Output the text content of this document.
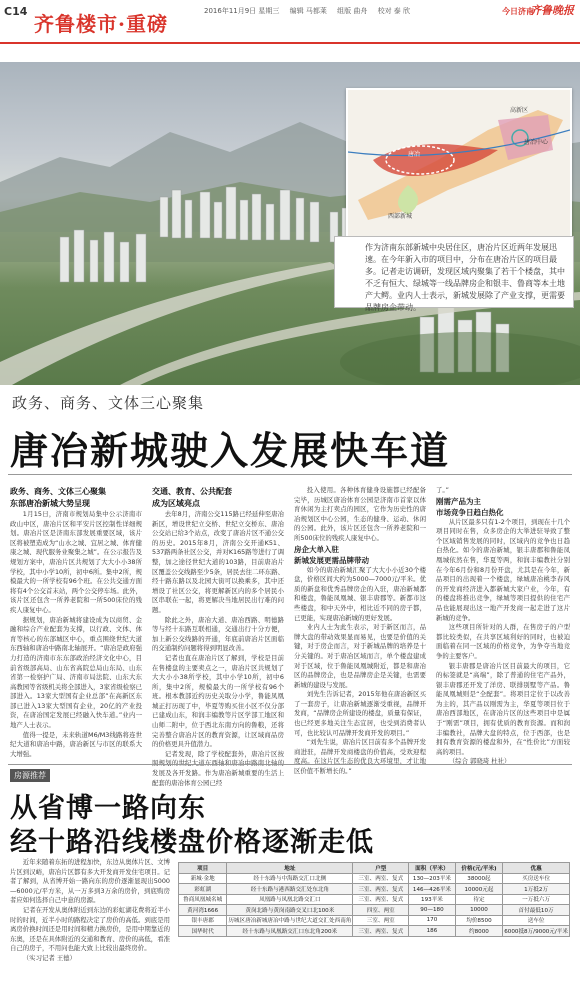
C14
齐鲁楼市·重磅
2016年11月9日 星期三 编辑 马都莱 组版 曲舟 校对 泰 欣	今日济南
齐鲁晚报
唐冶
高新区
唐冶中心
西部新城
作为济南东部新城中央居住区，唐冶片区近两年发展迅速。在今年新入市的项目中，分布在唐冶片区的项目最多。记者走访调研，发现区域内聚集了若干个楼盘，其中不乏有恒大、绿城等一线品牌房企和银丰、鲁商等本土地产大鳄。业内人士表示，新城发展除了产业支撑，更需要品牌房企带动。
政务、商务、文体三心聚集
唐冶新城驶入发展快车道

政务、商务、文体三心聚集

东部唐冶新城大势呈现

1月15日，济南市规划局集中公示济南市政山中区，唐冶片区和平安片区控制性详细规划。唐冶片区是济南东部发展重要区域，该片区将被塑造成为“山水之城、宜居之城、体育健康之城、现代服务业聚集之城”。在公示报告及规划方案中，唐冶片区共规划了大大小小38所学校，其中小学10所，初中6所。集中2所，规模最大的一所学校有96个班。在公共交通方面将有4个公交首末站，两个公交停车场。此外，该片区还包含一所养老院和一所500床位的残疾人康复中心。

据规划，唐冶新城将建设成为以商贸、金融和综合产业配套为支撑，以行政、文体、体育等核心的东部城区中心，重点围绕世纪大道东西轴和唐冶中路南北轴展开。“唐冶是政府强力打造的济南市东东部政治经济文化中心，目前省级部高局、山东省高院总局山东局、山东省第一检察护广局、济南市局法院、山东大东高教园等省级机关将全部进入，3家省级检察已部进入。13家大型国有企业总部”在高新区东部已进入13家大型国有企业，20亿的产业投资，在唐冶国定发展已经融入快车道。”业内一地产人士表示。

值得一提是，未来轨道M6/M3线路将连世纪大道和唐冶中路，唐冶新区与市区的联系大大增强。

交通、教育、公共配套

成为区域亮点

去年8月，济南公交115路已经延伸至唐冶新区，增设世纪立交桥、世纪立交桥东、唐冶公交站已给3个站点，改变了唐冶片区不通公交的历史。2015年8月，济南公交开通K51、537路两条社区公交，并对K165路等进行了调整，加之途径世纪大道的103路，目前唐冶片区覆盖公交线路至少5条，居民去往二环东路、经十路东路以及北园大街可以换乘多，其中还增设了社区公交，将更解新区内的多个居民小区串联在一起，将更解决当地居民出行难的问题。

除此之外，唐冶大道、唐冶西路、明德路等与经十东路互联相通，交通出行十分方便，加上新公交线路的开通，年底前唐冶片区面临的交通制约问题将得到明显改善。

记者也直在唐冶片区了解到，学校是目前在售楼盘的主要卖点之一，唐冶片区共规划了大大小小38所学校，其中小学10所，初中6所，集中2所，规模最大的一所学校有96个班。根本教部近约历史关取分小学，鲁能凤凰城正打历现了中，毕夏等购买住小区不仅分部已建成山东，和润丰编教等片区学部工地区和山师二附中，位于西北东南方向的鲁粮，还将完善整合唐冶片区的教育资源，让区域商品房的价格更具升值潜力。

记者发现，除了学校配套外，唐冶片区按照规划的世纪大道东西轴和唐冶中路南北轴的发展及各开发路。作为唐冶新城重要的生活上配套的唐冶体育公园已经

投入使用。各种体育健身设施都已经配备完毕，历城区唐冶体育公园是济南市首家以体育休闲为主打卖点的园区，它作为历史性的唐冶规划区中心公园，生态的健身、运动、休闲的公园。此外，该片区还包含一所养老院和一所500床位的残疾人康复中心。

房企大单入驻

新城发展更需品牌带动

如今的唐冶新城汇聚了大大小小近30个楼盘，价格区间大约为5000—7000元/平米。优质的新盘和优秀品牌房企的入驻，唐冶新城都和楼盘，鲁能凤凰城、银丰唐郡等。新都市这些楼盘，和中天外中，相比近不同的房子都，已更能，实现唐冶新城的更好发展。

业内人士为此生表示，对于新区而言，品牌大盘的带动效果显而易见，也要是价值的关键，对于房企而言，对于新城品牌的培养是十分关键的。对于唐冶区域而言，单个楼盘建成对于区域，位于鲁能凤凰城附近，都是和唐冶区的品牌房企，也是品牌房企是关键，也需要新城的建设与发展。

刘先生告诉记者，2015年他在唐冶新区买了一套房子，让唐冶新城逐渐受重视，品牌开发商，“品牌房企所建设的楼盘，质量有保证，也已经更多地关注生态宜居，也受到消费者认可，也比较认可品牌开发商开发的项目。”

“刘先生说，唐冶片区目前有多个品牌开发商进驻，品牌开发商楼盘的价值高，受欢迎程度高。在这片区生态的优良大环境里，才让地区价值不断增长的。”

了。”

刚需产品为主

市场竞争日趋白热化

从片区最多只有1-2个项目，到现在十几个项目同时在售，众多房企的大举进驻导致了整个区域销售发展的同时，区域内的竞争也日趋白热化。如今的唐冶新城，银丰唐郡和鲁能凤凰城依然在售，华夏等两，和润丰编教社分别在今年6月份和8月份开盘，尤其是在今年，新品项目的出现着一个楼盘，绿城唐冶桃李春风的开发商经济进入都新城大家户业，今年，有的楼盘将推出竞争，绿城等项目提供的住宅产品也能展现出这一地产开发商一起走进了这片新城的竞争。

这些项目所针对的人群，在售房子的户型都比较类似，在共享区域利好的同时，也被迫面临着在同一区域的价格竞争，为争夺当地竞争的主要客户。

银丰唐郡是唐冶片区目前最大的项目，它的标签就是“高端”，除了普通的住宅产品外，银丰唐郡还开发了洋房、联排别墅等产品。鲁能凤凰城则是“全配套”。将项目定位于以改善为主的，其产品以刚需为主，华夏等项目位于唐冶西部地区，在唐冶片区的这些项目中是属于“刚需”项目，拥有优质的教育资源。而和润丰编教社，品牌大盘的特点，位于西部，也是拥有教育资源的楼盘和外，在“性价比”方面较高的项目。

（综合 郭晓琦 杜社）

房源推荐
从省博一路向东
经十路沿线楼盘价格逐渐走低

近年来随着东拓的进程加快，东边从奥体片区、文博片区到汉峪，唐冶片区都有多大开发商开发住宅项目。记者了解到，从省博开始一路向东的房价逐渐显现出5000—6000元/平方米，从一万多到3万余的房价，到底购房者应如何选择自己中意的房源。

记者在开发从奥体附近到东边的彩虹湖花费将近半小时的时间，近半小时的路程决定了房价的高低。到底是用离房价换时间还是用时间和精力换房价，是用中期靠近的东奥，还是在具体附近的交通和教育、房价的高低，看准自己的房子，不用问也能大致上比较出最终房价。

（实习记者 王德）

项目	地址	户型	面积（平米）	价格(元/平米)	优惠
新城·金地	经十东路与中海路交汇口北侧	三室、两室、复式	130—203平米	38000起	买房送车位
彩虹湖	经十东路与港西路交汇处东北角	三室、两室、复式	146—426平米	10000元起	1万抵2万
鲁商凤凰城名城	凤凰路与凤凰北路交汇口	三室、两室、复式	193平米	待定	一万抵六万
黄河湾1666	黄岗北路与黄岗南路交叉口北100米	四室、两室	90—180	10000	首付最低10万
银丰唐郡	历城区唐冶新城唐冶中路与世纪大道交汇处西南角	三室、两室	170	均价8500	送车位
国华时代	经十东路与凤凰路交汇口东北角200米	三室、两室、复式	186	约8000	6000抵8万/9000元/平米
